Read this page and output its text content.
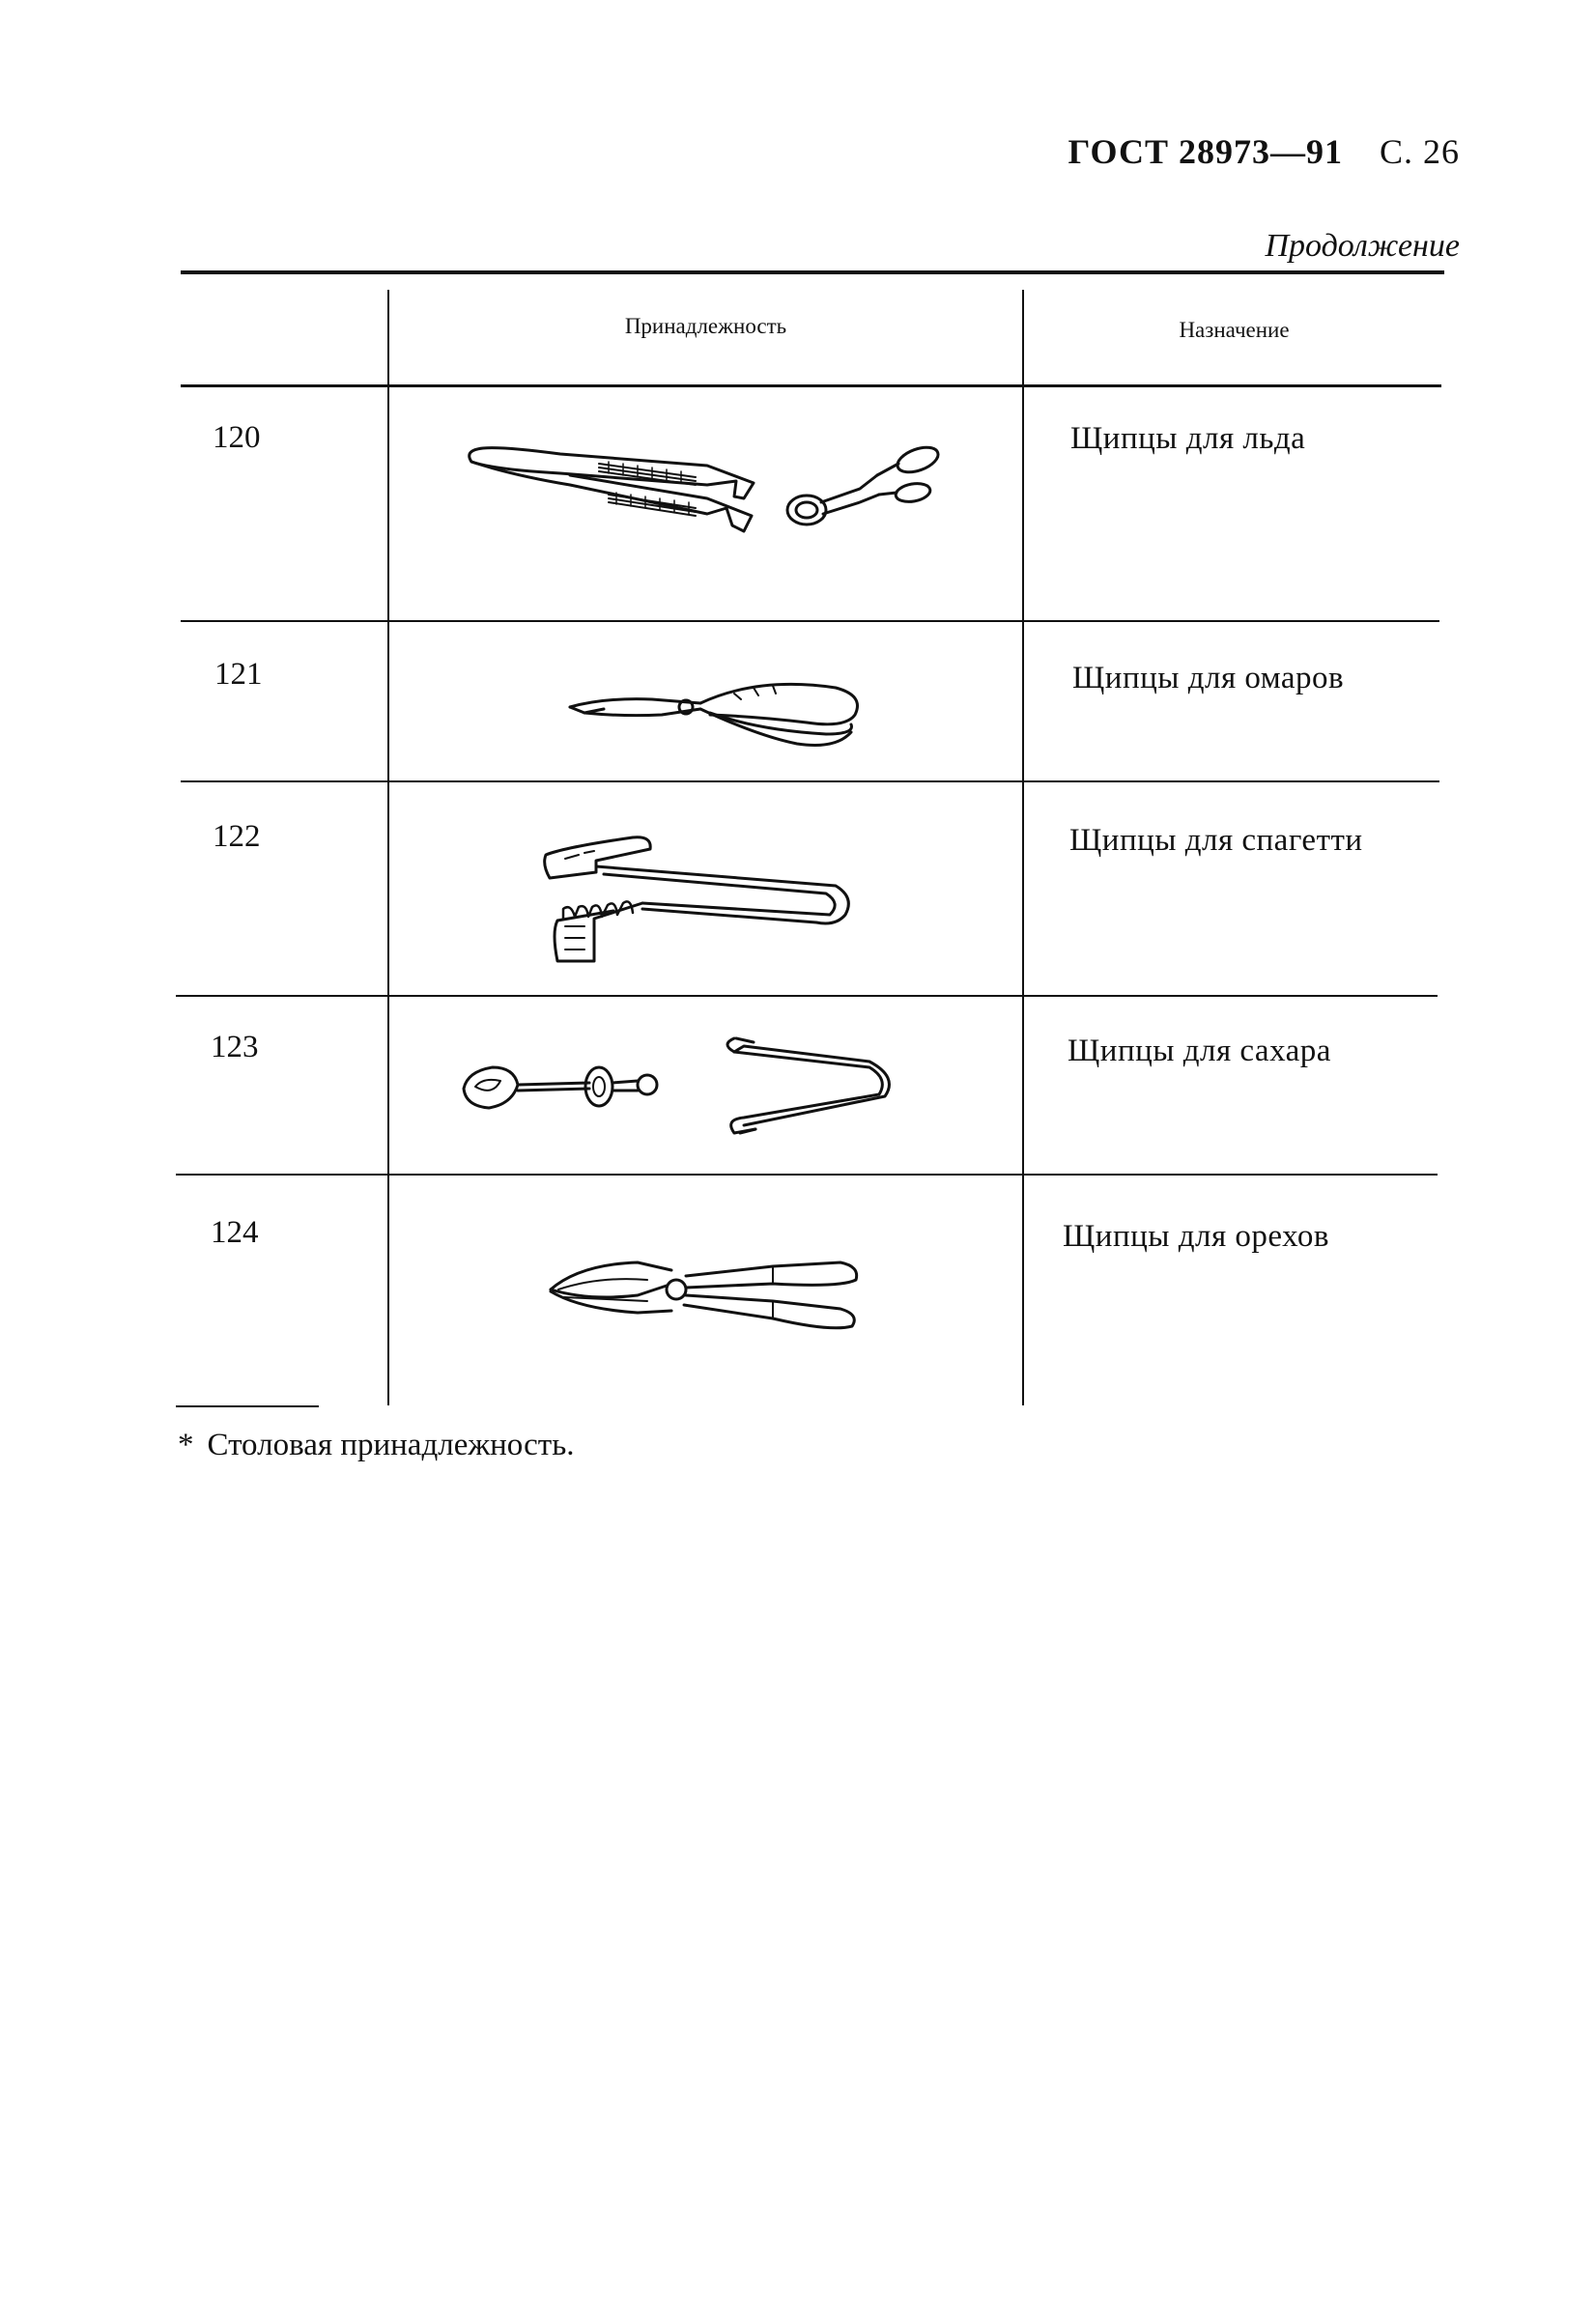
ГОСТ 28973—91 С. 26
Продолжение
Принадлежность	Назначение
120	Щипцы для льда
121	Щипцы для омаров
122	Щипцы для спагетти
123	Щипцы для сахара
124	Щипцы для орехов
* Столовая принадлежность.
